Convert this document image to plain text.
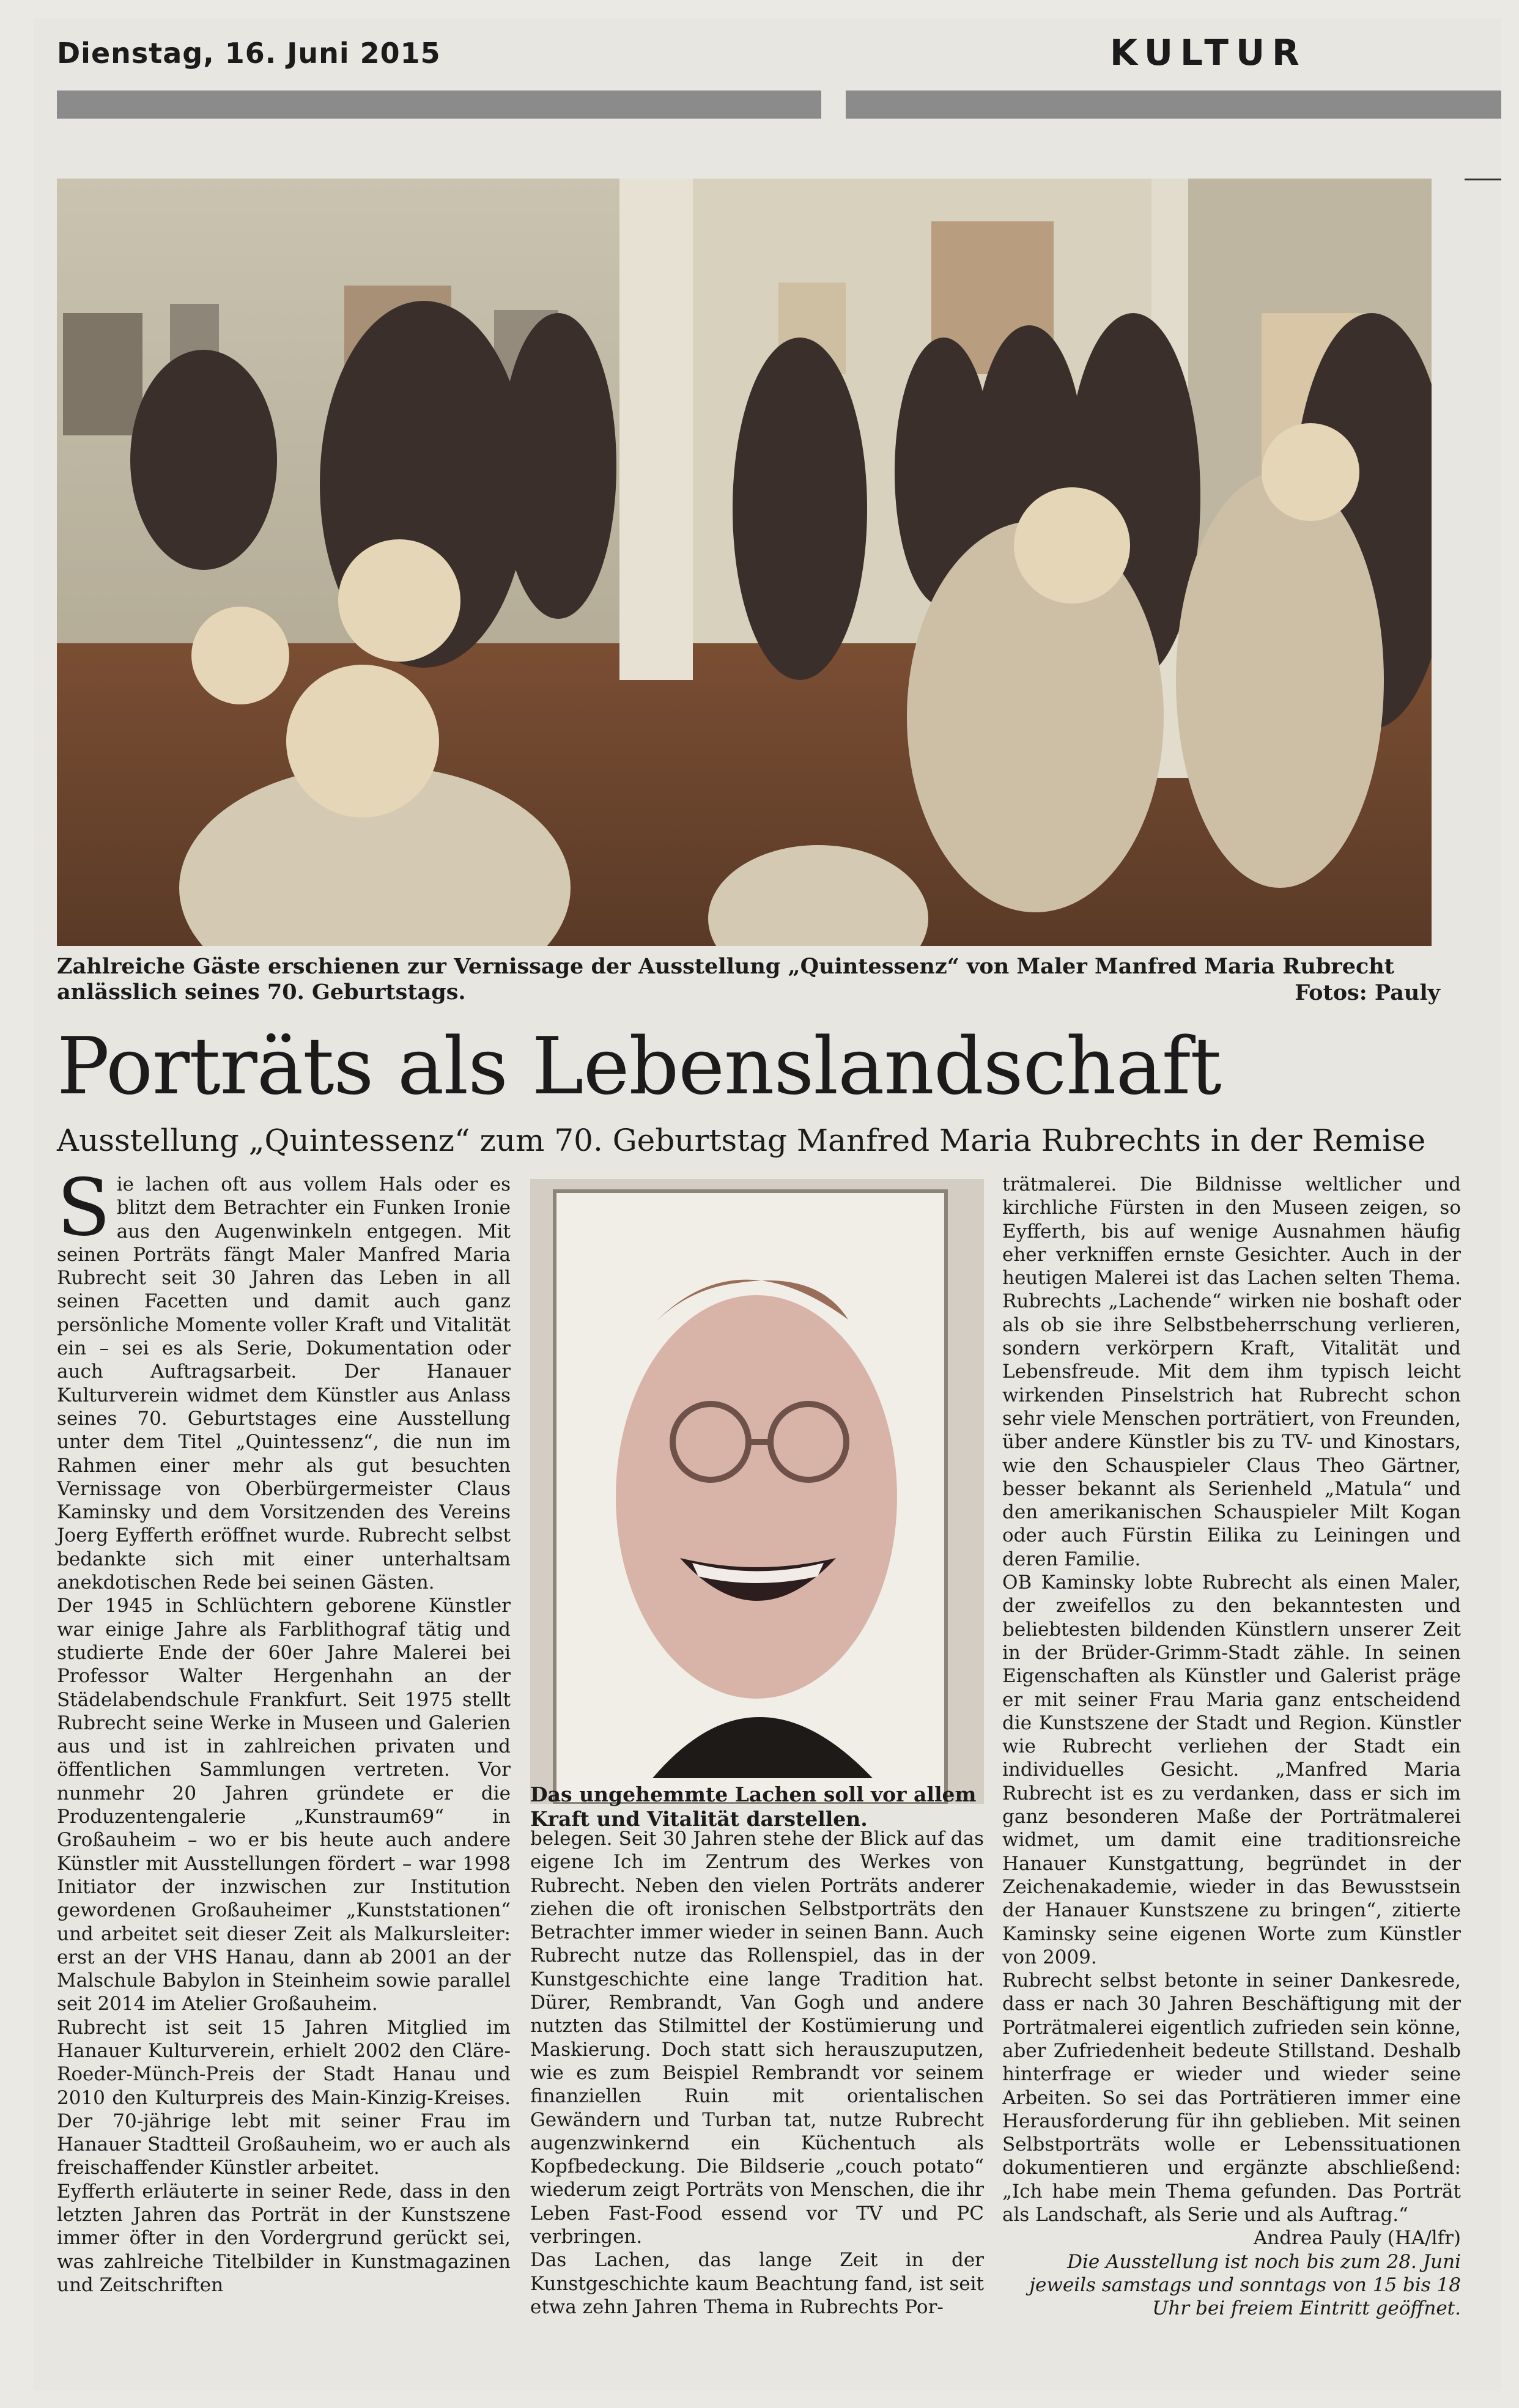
Dienstag, 16. Juni 2015	KULTUR
Zahlreiche Gäste erschienen zur Vernissage der Ausstellung „Quintessenz“ von Maler Manfred Maria Rubrecht anlässlich seines 70. Geburtstags.	Fotos: Pauly
Porträts als Lebenslandschaft
Ausstellung „Quintessenz“ zum 70. Geburtstag Manfred Maria Rubrechts in der Remise

Sie lachen oft aus vollem Hals oder es blitzt dem Betrachter ein Funken Ironie aus den Augenwinkeln entgegen. Mit seinen Porträts fängt Maler Manfred Maria Rubrecht seit 30 Jahren das Leben in all seinen Facetten und damit auch ganz persönliche Momente voller Kraft und Vitalität ein – sei es als Serie, Dokumentation oder auch Auftragsarbeit. Der Hanauer Kulturverein widmet dem Künstler aus Anlass seines 70. Geburtstages eine Ausstellung unter dem Titel „Quintessenz“, die nun im Rahmen einer mehr als gut besuchten Vernissage von Oberbürgermeister Claus Kaminsky und dem Vorsitzenden des Vereins Joerg Eyfferth eröffnet wurde. Rubrecht selbst bedankte sich mit einer unterhaltsam anekdotischen Rede bei seinen Gästen.

Der 1945 in Schlüchtern geborene Künstler war einige Jahre als Farblithograf tätig und studierte Ende der 60er Jahre Malerei bei Professor Walter Hergenhahn an der Städelabendschule Frankfurt. Seit 1975 stellt Rubrecht seine Werke in Museen und Galerien aus und ist in zahlreichen privaten und öffentlichen Sammlungen vertreten. Vor nunmehr 20 Jahren gründete er die Produzentengalerie „Kunstraum69“ in Großauheim – wo er bis heute auch andere Künstler mit Ausstellungen fördert – war 1998 Initiator der inzwischen zur Institution gewordenen Großauheimer „Kunststationen“ und arbeitet seit dieser Zeit als Malkursleiter: erst an der VHS Hanau, dann ab 2001 an der Malschule Babylon in Steinheim sowie parallel seit 2014 im Atelier Großauheim.

Rubrecht ist seit 15 Jahren Mitglied im Hanauer Kulturverein, erhielt 2002 den Cläre-Roeder-Münch-Preis der Stadt Hanau und 2010 den Kulturpreis des Main-Kinzig-Kreises. Der 70-jährige lebt mit seiner Frau im Hanauer Stadtteil Großauheim, wo er auch als freischaffender Künstler arbeitet.

Eyfferth erläuterte in seiner Rede, dass in den letzten Jahren das Porträt in der Kunstszene immer öfter in den Vordergrund gerückt sei, was zahlreiche Titelbilder in Kunstmagazinen und Zeitschriften

Das ungehemmte Lachen soll vor allem Kraft und Vitalität darstellen.

belegen. Seit 30 Jahren stehe der Blick auf das eigene Ich im Zentrum des Werkes von Rubrecht. Neben den vielen Porträts anderer ziehen die oft ironischen Selbstporträts den Betrachter immer wieder in seinen Bann. Auch Rubrecht nutze das Rollenspiel, das in der Kunstgeschichte eine lange Tradition hat. Dürer, Rembrandt, Van Gogh und andere nutzten das Stilmittel der Kostümierung und Maskierung. Doch statt sich herauszuputzen, wie es zum Beispiel Rembrandt vor seinem finanziellen Ruin mit orientalischen Gewändern und Turban tat, nutze Rubrecht augenzwinkernd ein Küchentuch als Kopfbedeckung. Die Bildserie „couch potato“ wiederum zeigt Porträts von Menschen, die ihr Leben Fast-Food essend vor TV und PC verbringen.

Das Lachen, das lange Zeit in der Kunstgeschichte kaum Beachtung fand, ist seit etwa zehn Jahren Thema in Rubrechts Por-

trätmalerei. Die Bildnisse weltlicher und kirchliche Fürsten in den Museen zeigen, so Eyfferth, bis auf wenige Ausnahmen häufig eher verkniffen ernste Gesichter. Auch in der heutigen Malerei ist das Lachen selten Thema. Rubrechts „Lachende“ wirken nie boshaft oder als ob sie ihre Selbstbeherrschung verlieren, sondern verkörpern Kraft, Vitalität und Lebensfreude. Mit dem ihm typisch leicht wirkenden Pinselstrich hat Rubrecht schon sehr viele Menschen porträtiert, von Freunden, über andere Künstler bis zu TV- und Kinostars, wie den Schauspieler Claus Theo Gärtner, besser bekannt als Serienheld „Matula“ und den amerikanischen Schauspieler Milt Kogan oder auch Fürstin Eilika zu Leiningen und deren Familie.

OB Kaminsky lobte Rubrecht als einen Maler, der zweifellos zu den bekanntesten und beliebtesten bildenden Künstlern unserer Zeit in der Brüder-Grimm-Stadt zähle. In seinen Eigenschaften als Künstler und Galerist präge er mit seiner Frau Maria ganz entscheidend die Kunstszene der Stadt und Region. Künstler wie Rubrecht verliehen der Stadt ein individuelles Gesicht. „Manfred Maria Rubrecht ist es zu verdanken, dass er sich im ganz besonderen Maße der Porträtmalerei widmet, um damit eine traditionsreiche Hanauer Kunstgattung, begründet in der Zeichenakademie, wieder in das Bewusstsein der Hanauer Kunstszene zu bringen“, zitierte Kaminsky seine eigenen Worte zum Künstler von 2009.

Rubrecht selbst betonte in seiner Dankesrede, dass er nach 30 Jahren Beschäftigung mit der Porträtmalerei eigentlich zufrieden sein könne, aber Zufriedenheit bedeute Stillstand. Deshalb hinterfrage er wieder und wieder seine Arbeiten. So sei das Porträtieren immer eine Herausforderung für ihn geblieben. Mit seinen Selbstporträts wolle er Lebenssituationen dokumentieren und ergänzte abschließend: „Ich habe mein Thema gefunden. Das Porträt als Landschaft, als Serie und als Auftrag.“

Andrea Pauly (HA/lfr)

Die Ausstellung ist noch bis zum 28. Juni jeweils samstags und sonntags von 15 bis 18 Uhr bei freiem Eintritt geöffnet.
